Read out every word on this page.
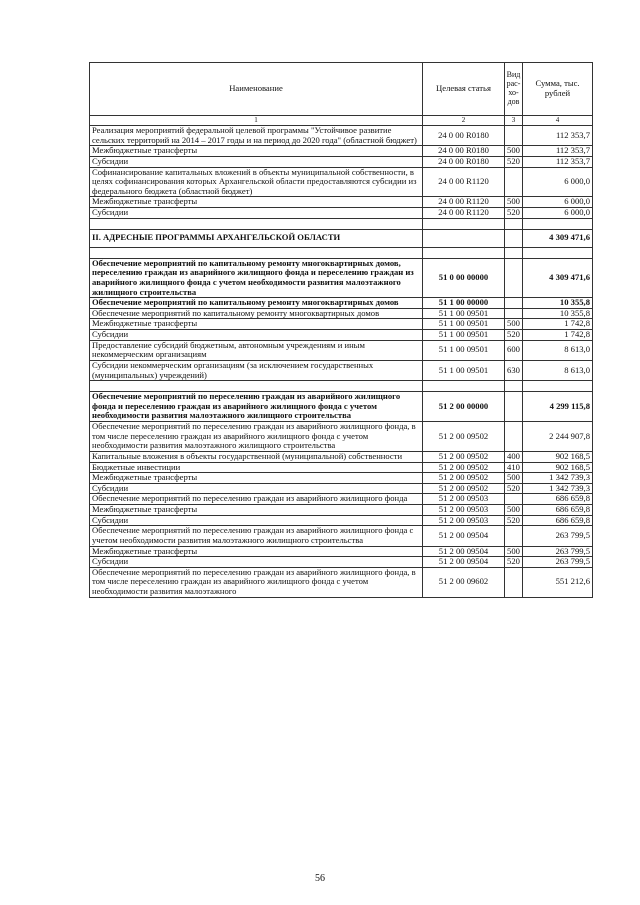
Наименование	Целевая статья	Вид рас-хо-дов	Сумма, тыс. рублей
1	2	3	4
Реализация мероприятий федеральной целевой программы "Устойчивое развитие сельских территорий на 2014 – 2017 годы и на период до 2020 года" (областной бюджет)	24 0 00 R0180		112 353,7
Межбюджетные трансферты	24 0 00 R0180	500	112 353,7
Субсидии	24 0 00 R0180	520	112 353,7
Софинансирование капитальных вложений в объекты муниципальной собственности, в целях софинансирования которых Архангельской области предоставляются субсидии из федерального бюджета (областной бюджет)	24 0 00 R1120		6 000,0
Межбюджетные трансферты	24 0 00 R1120	500	6 000,0
Субсидии	24 0 00 R1120	520	6 000,0

II. АДРЕСНЫЕ ПРОГРАММЫ АРХАНГЕЛЬСКОЙ ОБЛАСТИ			4 309 471,6

Обеспечение мероприятий по капитальному ремонту многоквартирных домов, переселению граждан из аварийного жилищного фонда и переселению граждан из аварийного жилищного фонда с учетом необходимости развития малоэтажного жилищного строительства	51 0 00 00000		4 309 471,6
Обеспечение мероприятий по капитальному ремонту многоквартирных домов	51 1 00 00000		10 355,8
Обеспечение мероприятий по капитальному ремонту многоквартирных домов	51 1 00 09501		10 355,8
Межбюджетные трансферты	51 1 00 09501	500	1 742,8
Субсидии	51 1 00 09501	520	1 742,8
Предоставление субсидий бюджетным, автономным учреждениям и иным некоммерческим организациям	51 1 00 09501	600	8 613,0
Субсидии некоммерческим организациям (за исключением государственных (муниципальных) учреждений)	51 1 00 09501	630	8 613,0

Обеспечение мероприятий по переселению граждан из аварийного жилищного фонда и переселению граждан из аварийного жилищного фонда с учетом необходимости развития малоэтажного жилищного строительства	51 2 00 00000		4 299 115,8
Обеспечение мероприятий по переселению граждан из аварийного жилищного фонда, в том числе переселению граждан из аварийного жилищного фонда с учетом необходимости развития малоэтажного жилищного строительства	51 2 00 09502		2 244 907,8
Капитальные вложения в объекты государственной (муниципальной) собственности	51 2 00 09502	400	902 168,5
Бюджетные инвестиции	51 2 00 09502	410	902 168,5
Межбюджетные трансферты	51 2 00 09502	500	1 342 739,3
Субсидии	51 2 00 09502	520	1 342 739,3
Обеспечение мероприятий по переселению граждан из аварийного жилищного фонда	51 2 00 09503		686 659,8
Межбюджетные трансферты	51 2 00 09503	500	686 659,8
Субсидии	51 2 00 09503	520	686 659,8
Обеспечение мероприятий по переселению граждан из аварийного жилищного фонда с учетом необходимости развития малоэтажного жилищного строительства	51 2 00 09504		263 799,5
Межбюджетные трансферты	51 2 00 09504	500	263 799,5
Субсидии	51 2 00 09504	520	263 799,5
Обеспечение мероприятий по переселению граждан из аварийного жилищного фонда, в том числе переселению граждан из аварийного жилищного фонда с учетом необходимости развития малоэтажного	51 2 00 09602		551 212,6
56
